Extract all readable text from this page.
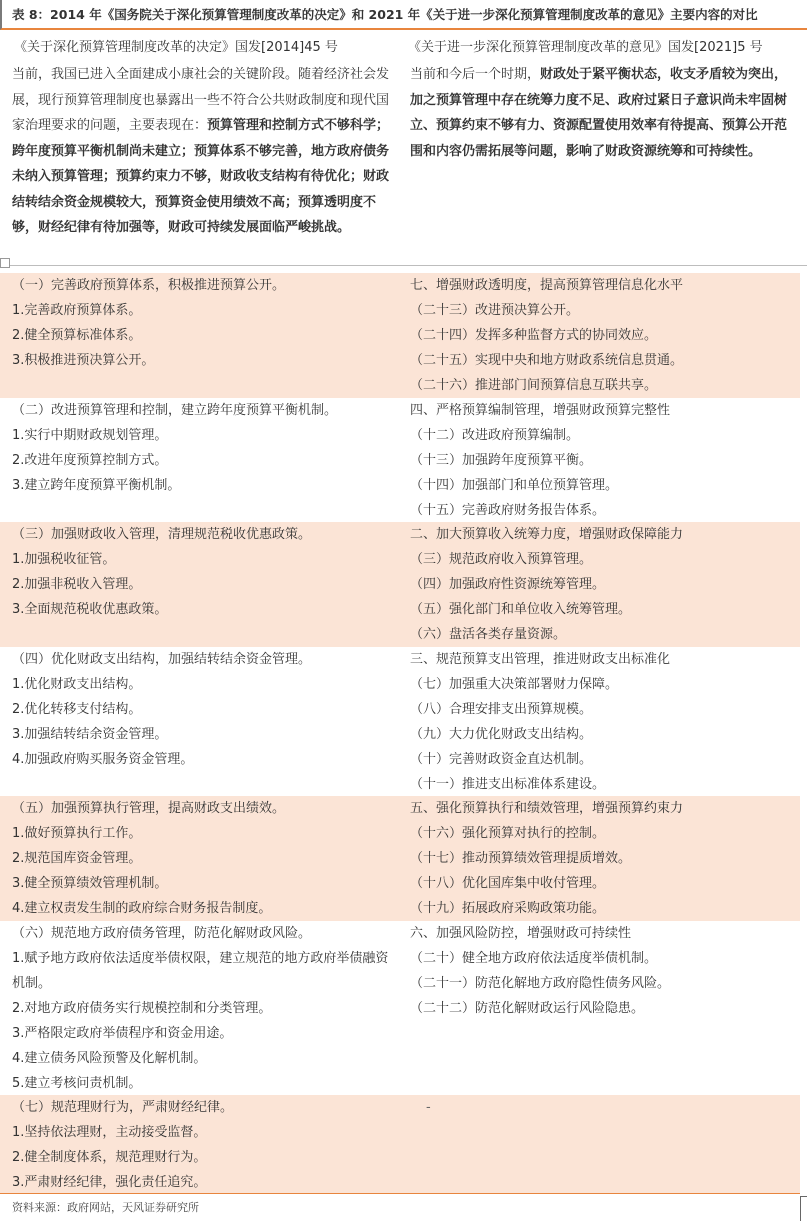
表 8：2014 年《国务院关于深化预算管理制度改革的决定》和 2021 年《关于进一步深化预算管理制度改革的意见》主要内容的对比
《关于深化预算管理制度改革的决定》国发[2014]45 号	《关于进一步深化预算管理制度改革的意见》国发[2021]5 号
当前，我国已进入全面建成小康社会的关键阶段。随着经济社会发展，现行预算管理制度也暴露出一些不符合公共财政制度和现代国家治理要求的问题，主要表现在：预算管理和控制方式不够科学；跨年度预算平衡机制尚未建立；预算体系不够完善，地方政府债务未纳入预算管理；预算约束力不够，财政收支结构有待优化；财政结转结余资金规模较大，预算资金使用绩效不高；预算透明度不够，财经纪律有待加强等，财政可持续发展面临严峻挑战。
当前和今后一个时期，财政处于紧平衡状态，收支矛盾较为突出，加之预算管理中存在统筹力度不足、政府过紧日子意识尚未牢固树立、预算约束不够有力、资源配置使用效率有待提高、预算公开范围和内容仍需拓展等问题，影响了财政资源统筹和可持续性。
（一）完善政府预算体系，积极推进预算公开。
1.完善政府预算体系。
2.健全预算标准体系。
3.积极推进预决算公开。
七、增强财政透明度，提高预算管理信息化水平
（二十三）改进预决算公开。
（二十四）发挥多种监督方式的协同效应。
（二十五）实现中央和地方财政系统信息贯通。
（二十六）推进部门间预算信息互联共享。
（二）改进预算管理和控制，建立跨年度预算平衡机制。
1.实行中期财政规划管理。
2.改进年度预算控制方式。
3.建立跨年度预算平衡机制。
四、严格预算编制管理，增强财政预算完整性
（十二）改进政府预算编制。
（十三）加强跨年度预算平衡。
（十四）加强部门和单位预算管理。
（十五）完善政府财务报告体系。
（三）加强财政收入管理，清理规范税收优惠政策。
1.加强税收征管。
2.加强非税收入管理。
3.全面规范税收优惠政策。
二、加大预算收入统筹力度，增强财政保障能力
（三）规范政府收入预算管理。
（四）加强政府性资源统筹管理。
（五）强化部门和单位收入统筹管理。
（六）盘活各类存量资源。
（四）优化财政支出结构，加强结转结余资金管理。
1.优化财政支出结构。
2.优化转移支付结构。
3.加强结转结余资金管理。
4.加强政府购买服务资金管理。
三、规范预算支出管理，推进财政支出标准化
（七）加强重大决策部署财力保障。
（八）合理安排支出预算规模。
（九）大力优化财政支出结构。
（十）完善财政资金直达机制。
（十一）推进支出标准体系建设。
（五）加强预算执行管理，提高财政支出绩效。
1.做好预算执行工作。
2.规范国库资金管理。
3.健全预算绩效管理机制。
4.建立权责发生制的政府综合财务报告制度。
五、强化预算执行和绩效管理，增强预算约束力
（十六）强化预算对执行的控制。
（十七）推动预算绩效管理提质增效。
（十八）优化国库集中收付管理。
（十九）拓展政府采购政策功能。
（六）规范地方政府债务管理，防范化解财政风险。
1.赋予地方政府依法适度举债权限，建立规范的地方政府举债融资机制。
2.对地方政府债务实行规模控制和分类管理。
3.严格限定政府举债程序和资金用途。
4.建立债务风险预警及化解机制。
5.建立考核问责机制。
六、加强风险防控，增强财政可持续性
（二十）健全地方政府依法适度举债机制。
（二十一）防范化解地方政府隐性债务风险。
（二十二）防范化解财政运行风险隐患。
（七）规范理财行为，严肃财经纪律。
1.坚持依法理财，主动接受监督。
2.健全制度体系，规范理财行为。
3.严肃财经纪律，强化责任追究。
-
资料来源：政府网站，天风证券研究所
